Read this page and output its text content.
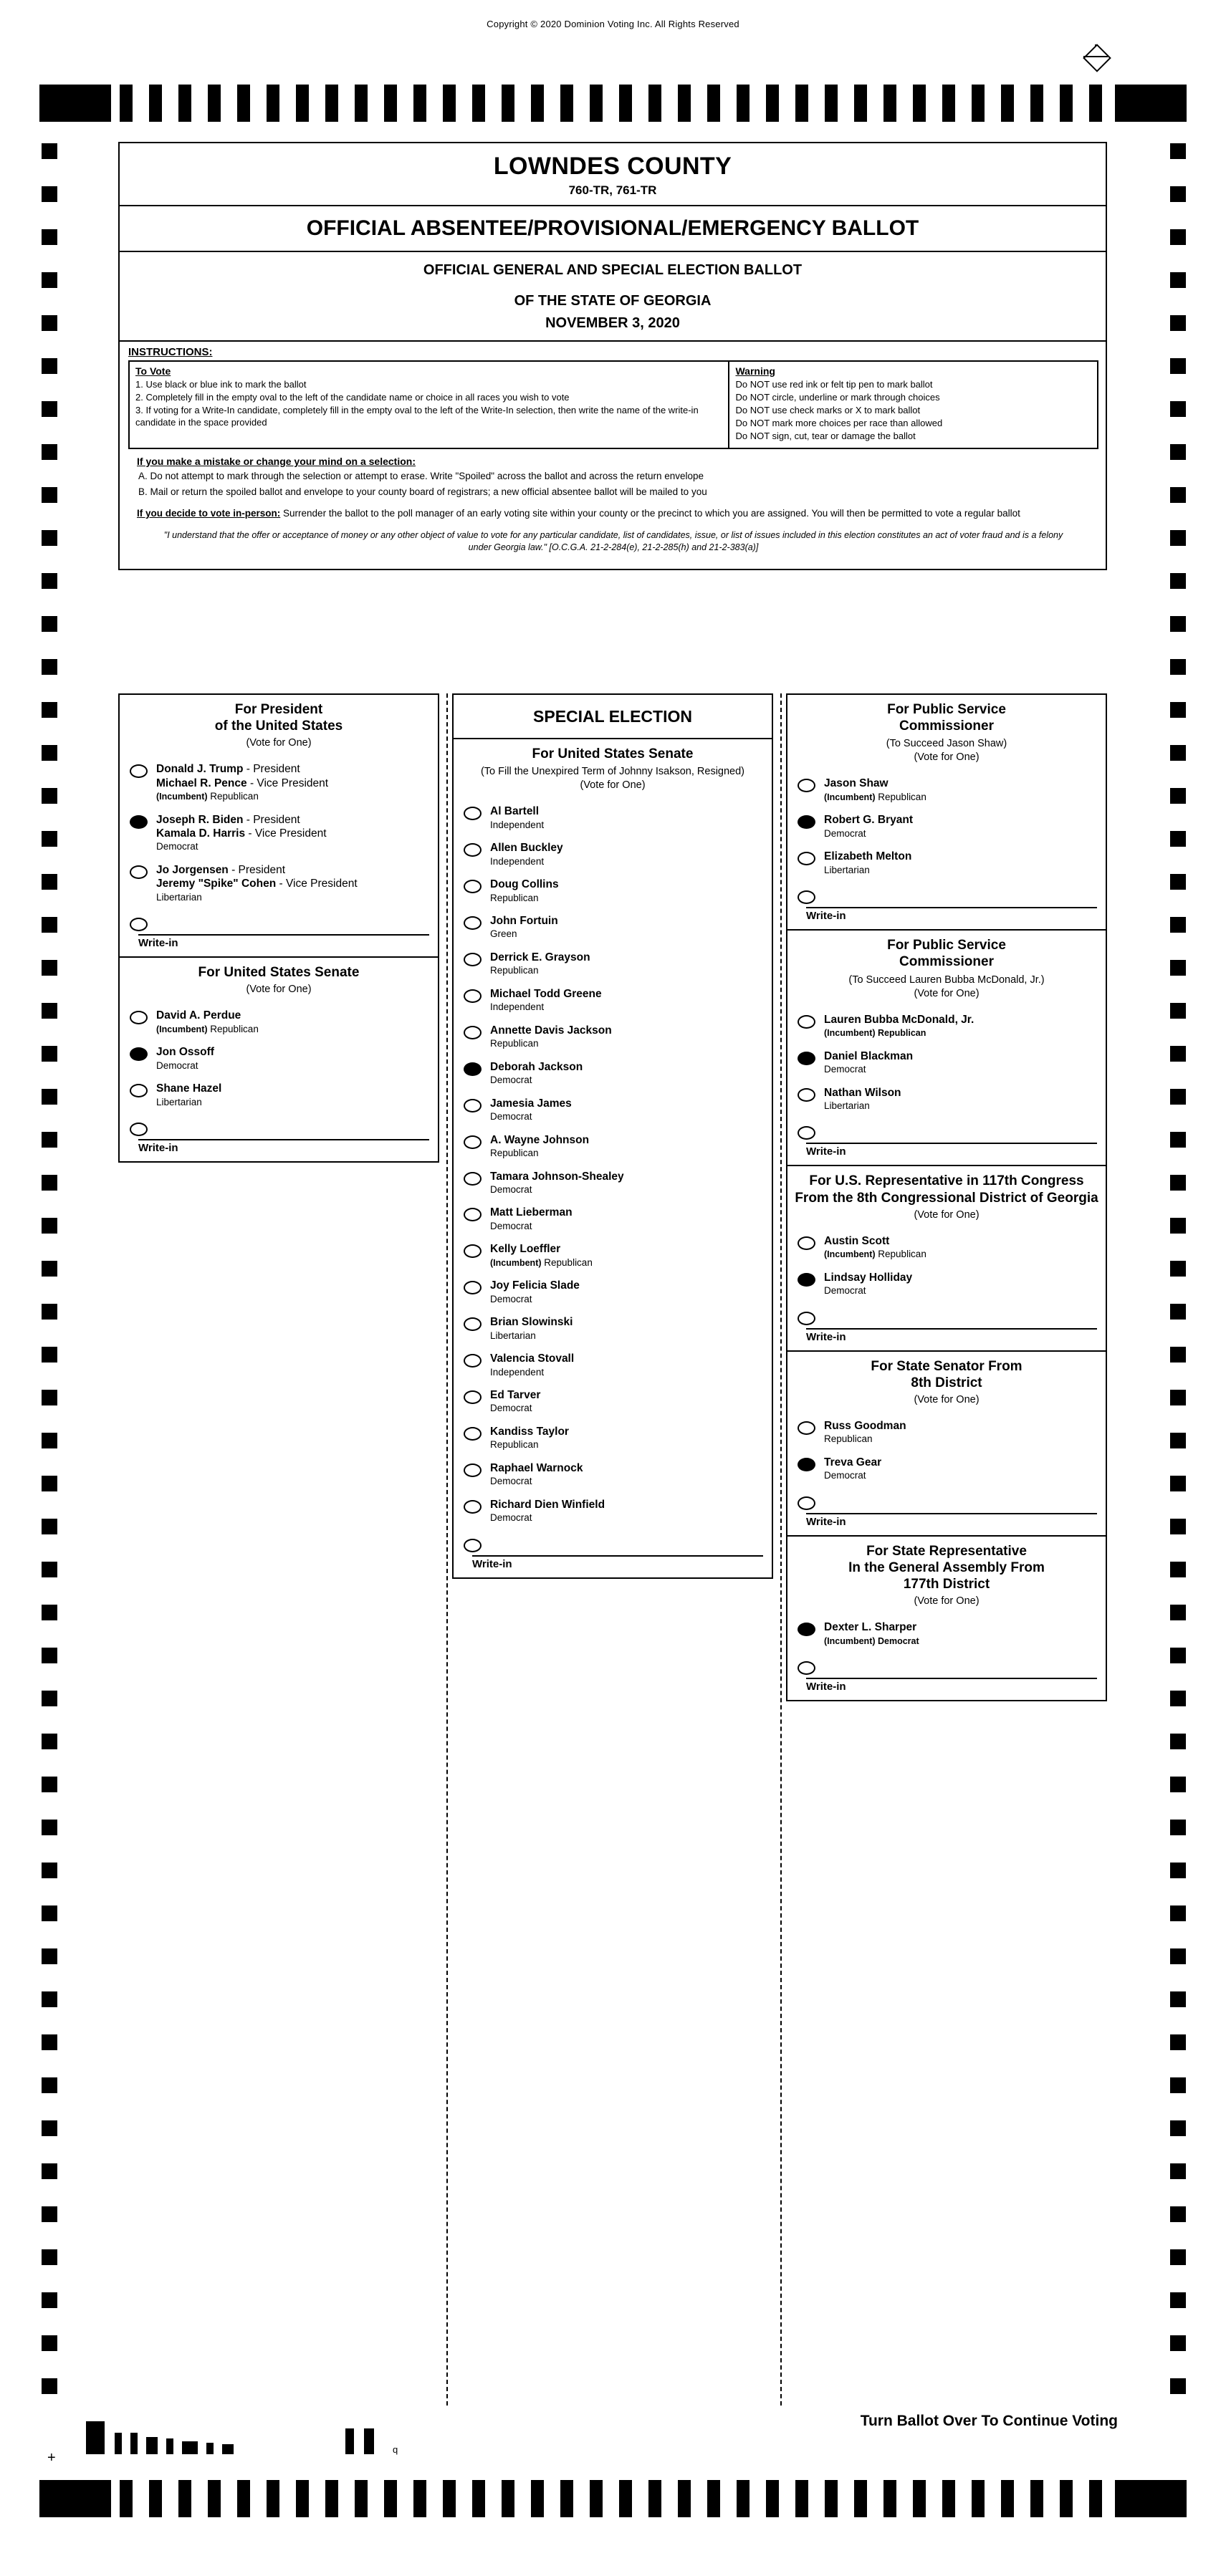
Copyright © 2020 Dominion Voting Inc. All Rights Reserved
LOWNDES COUNTY
760-TR, 761-TR
OFFICIAL ABSENTEE/PROVISIONAL/EMERGENCY BALLOT
OFFICIAL GENERAL AND SPECIAL ELECTION BALLOT
OF THE STATE OF GEORGIA
NOVEMBER 3, 2020
INSTRUCTIONS:
To Vote
1. Use black or blue ink to mark the ballot
2. Completely fill in the empty oval to the left of the candidate name or choice in all races you wish to vote
3. If voting for a Write-In candidate, completely fill in the empty oval to the left of the Write-In selection, then write the name of the write-in candidate in the space provided
Warning
Do NOT use red ink or felt tip pen to mark ballot
Do NOT circle, underline or mark through choices
Do NOT use check marks or X to mark ballot
Do NOT mark more choices per race than allowed
Do NOT sign, cut, tear or damage the ballot
If you make a mistake or change your mind on a selection:
A. Do not attempt to mark through the selection or attempt to erase. Write "Spoiled" across the ballot and across the return envelope
B. Mail or return the spoiled ballot and envelope to your county board of registrars; a new official absentee ballot will be mailed to you
If you decide to vote in-person: Surrender the ballot to the poll manager of an early voting site within your county or the precinct to which you are assigned. You will then be permitted to vote a regular ballot
"I understand that the offer or acceptance of money or any other object of value to vote for any particular candidate, list of candidates, issue, or list of issues included in this election constitutes an act of voter fraud and is a felony under Georgia law." [O.C.G.A. 21-2-284(e), 21-2-285(h) and 21-2-383(a)]
For President
of the United States
(Vote for One)
Donald J. Trump - President
Michael R. Pence - Vice President
(Incumbent) Republican
Joseph R. Biden - President
Kamala D. Harris - Vice President
Democrat
Jo Jorgensen - President
Jeremy "Spike" Cohen - Vice President
Libertarian
Write-in
For United States Senate
(Vote for One)
David A. Perdue
(Incumbent) Republican
Jon Ossoff
Democrat
Shane Hazel
Libertarian
Write-in
SPECIAL ELECTION
For United States Senate
(To Fill the Unexpired Term of Johnny Isakson, Resigned)
(Vote for One)
Al Bartell
Independent
Allen Buckley
Independent
Doug Collins
Republican
John Fortuin
Green
Derrick E. Grayson
Republican
Michael Todd Greene
Independent
Annette Davis Jackson
Republican
Deborah Jackson
Democrat
Jamesia James
Democrat
A. Wayne Johnson
Republican
Tamara Johnson-Shealey
Democrat
Matt Lieberman
Democrat
Kelly Loeffler
(Incumbent) Republican
Joy Felicia Slade
Democrat
Brian Slowinski
Libertarian
Valencia Stovall
Independent
Ed Tarver
Democrat
Kandiss Taylor
Republican
Raphael Warnock
Democrat
Richard Dien Winfield
Democrat
Write-in
For Public Service
Commissioner
(To Succeed Jason Shaw)
(Vote for One)
Jason Shaw
(Incumbent) Republican
Robert G. Bryant
Democrat
Elizabeth Melton
Libertarian
Write-in
For Public Service
Commissioner
(To Succeed Lauren Bubba McDonald, Jr.)
(Vote for One)
Lauren Bubba McDonald, Jr.
(Incumbent) Republican
Daniel Blackman
Democrat
Nathan Wilson
Libertarian
Write-in
For U.S. Representative in 117th Congress From the 8th Congressional District of Georgia
(Vote for One)
Austin Scott
(Incumbent) Republican
Lindsay Holliday
Democrat
Write-in
For State Senator From
8th District
(Vote for One)
Russ Goodman
Republican
Treva Gear
Democrat
Write-in
For State Representative
In the General Assembly From
177th District
(Vote for One)
Dexter L. Sharper
(Incumbent) Democrat
Write-in
Turn Ballot Over To Continue Voting
+
q
